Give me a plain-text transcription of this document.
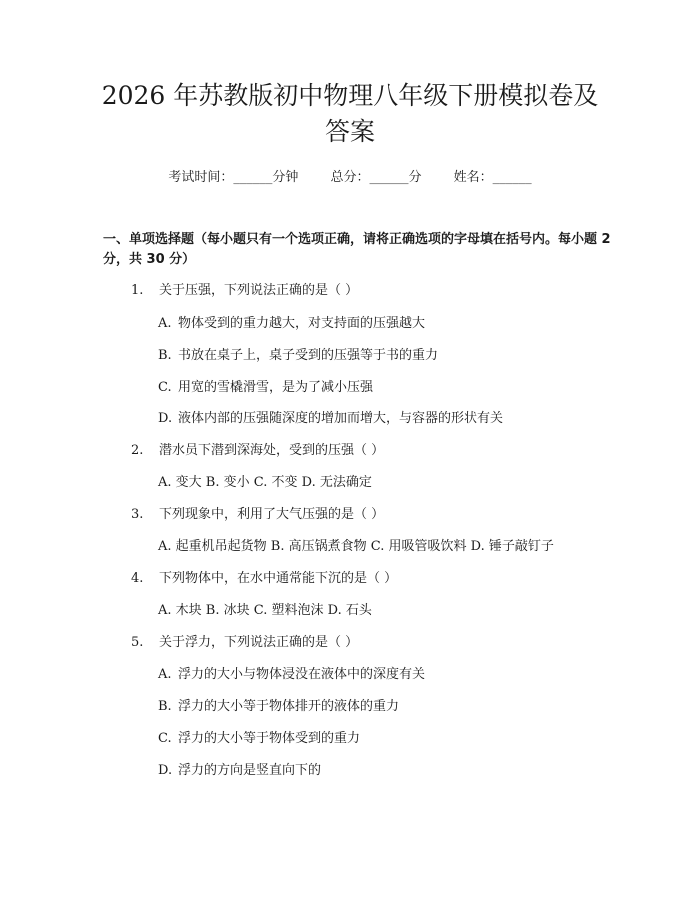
2026 年苏教版初中物理八年级下册模拟卷及
答案
考试时间：______分钟 总分：______分 姓名：______
一、单项选择题（每小题只有一个选项正确，请将正确选项的字母填在括号内。每小题 2 分，共 30 分）
1. 关于压强，下列说法正确的是（ ）
A. 物体受到的重力越大，对支持面的压强越大
B. 书放在桌子上，桌子受到的压强等于书的重力
C. 用宽的雪橇滑雪，是为了减小压强
D. 液体内部的压强随深度的增加而增大，与容器的形状有关
2. 潜水员下潜到深海处，受到的压强（ ）
A. 变大 B. 变小 C. 不变 D. 无法确定
3. 下列现象中，利用了大气压强的是（ ）
A. 起重机吊起货物 B. 高压锅煮食物 C. 用吸管吸饮料 D. 锤子敲钉子
4. 下列物体中，在水中通常能下沉的是（ ）
A. 木块 B. 冰块 C. 塑料泡沫 D. 石头
5. 关于浮力，下列说法正确的是（ ）
A. 浮力的大小与物体浸没在液体中的深度有关
B. 浮力的大小等于物体排开的液体的重力
C. 浮力的大小等于物体受到的重力
D. 浮力的方向是竖直向下的
